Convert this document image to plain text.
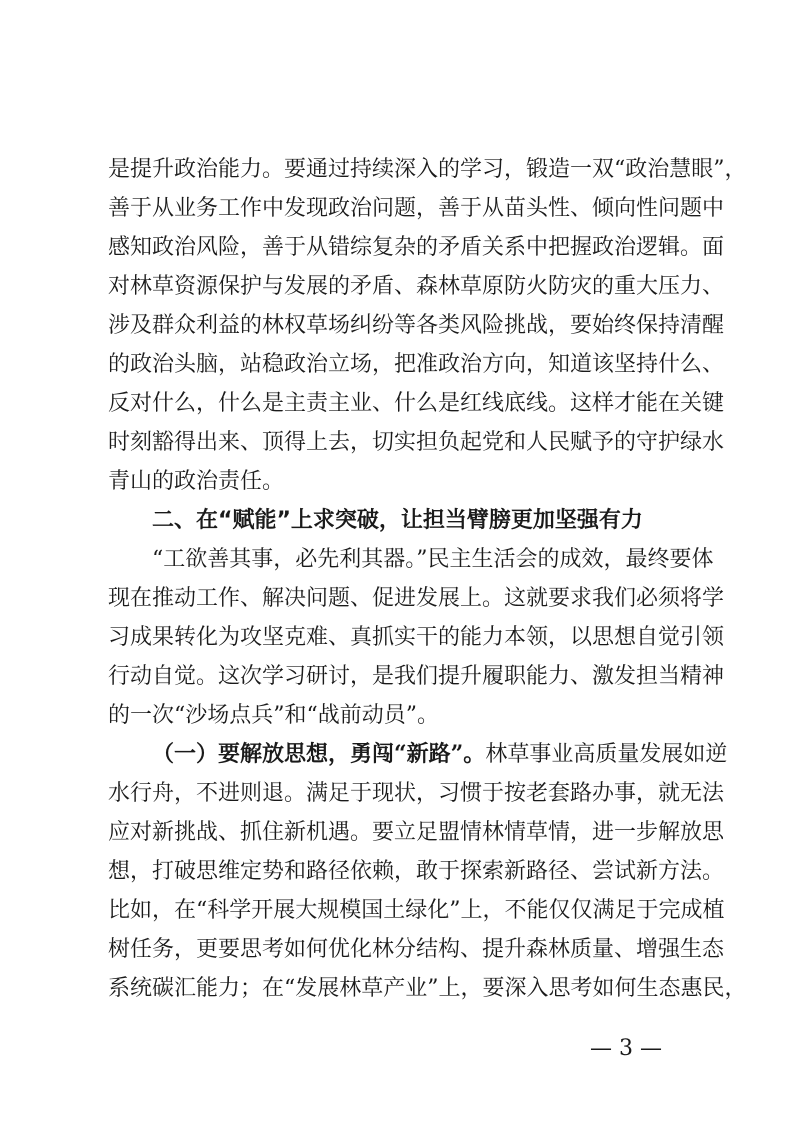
是提升政治能力。要通过持续深入的学习，锻造一双“政治慧眼”，
善于从业务工作中发现政治问题，善于从苗头性、倾向性问题中
感知政治风险，善于从错综复杂的矛盾关系中把握政治逻辑。面
对林草资源保护与发展的矛盾、森林草原防火防灾的重大压力、
涉及群众利益的林权草场纠纷等各类风险挑战，要始终保持清醒
的政治头脑，站稳政治立场，把准政治方向，知道该坚持什么、
反对什么，什么是主责主业、什么是红线底线。这样才能在关键
时刻豁得出来、顶得上去，切实担负起党和人民赋予的守护绿水
青山的政治责任。
二、在“赋能”上求突破，让担当臂膀更加坚强有力
“工欲善其事，必先利其器。”民主生活会的成效，最终要体
现在推动工作、解决问题、促进发展上。这就要求我们必须将学
习成果转化为攻坚克难、真抓实干的能力本领，以思想自觉引领
行动自觉。这次学习研讨，是我们提升履职能力、激发担当精神
的一次“沙场点兵”和“战前动员”。
（一）要解放思想，勇闯“新路”。林草事业高质量发展如逆
水行舟，不进则退。满足于现状，习惯于按老套路办事，就无法
应对新挑战、抓住新机遇。要立足盟情林情草情，进一步解放思
想，打破思维定势和路径依赖，敢于探索新路径、尝试新方法。
比如，在“科学开展大规模国土绿化”上，不能仅仅满足于完成植
树任务，更要思考如何优化林分结构、提升森林质量、增强生态
系统碳汇能力；在“发展林草产业”上，要深入思考如何生态惠民，
— 3 —
